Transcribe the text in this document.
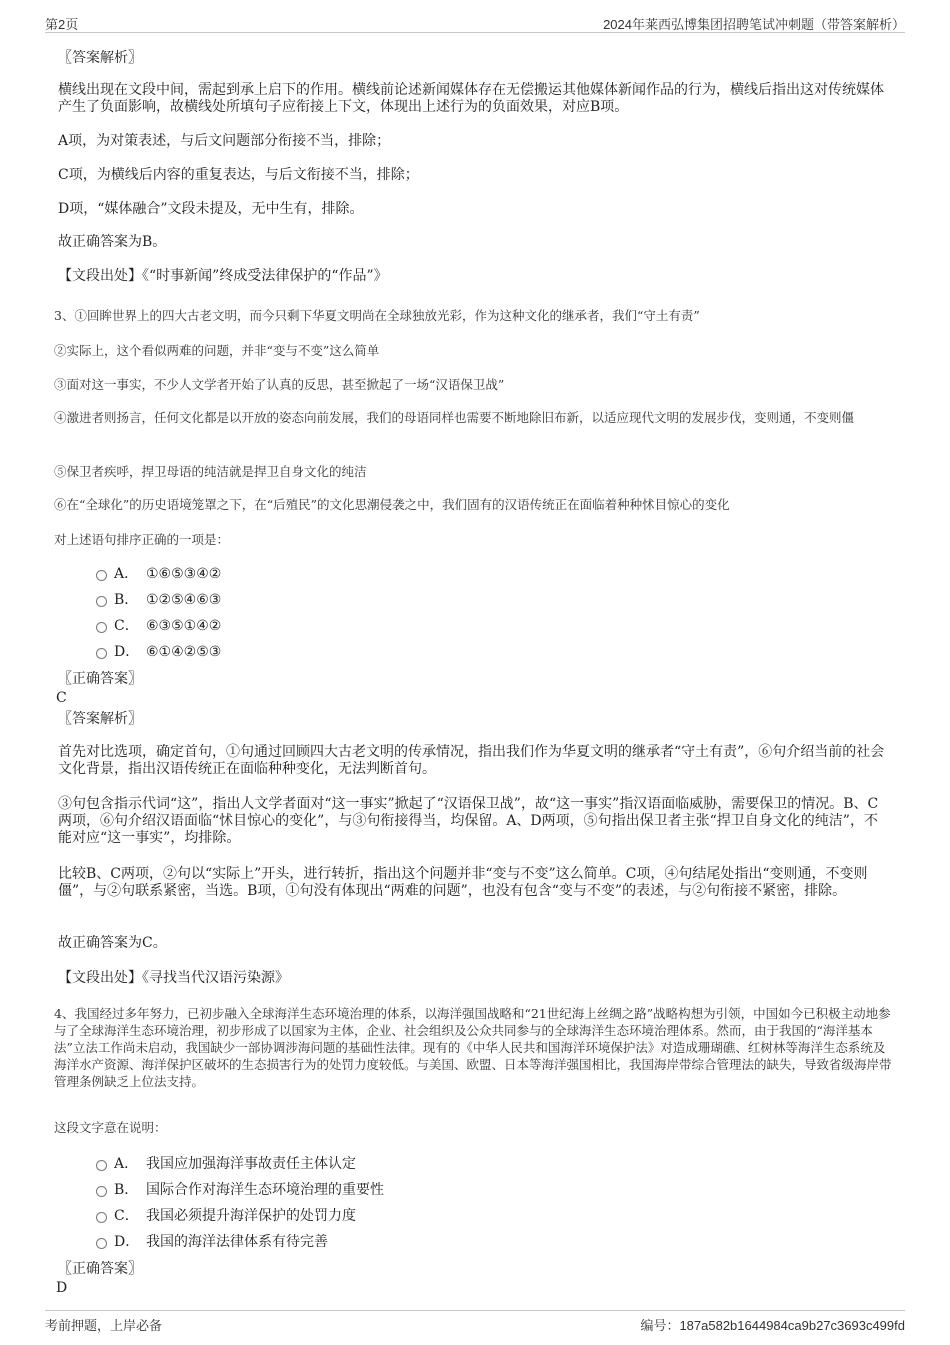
第2页	2024年莱西弘博集团招聘笔试冲刺题（带答案解析）

〖答案解析〗

横线出现在文段中间，需起到承上启下的作用。横线前论述新闻媒体存在无偿搬运其他媒体新闻作品的行为，横线后指出这对传统媒体产生了负面影响，故横线处所填句子应衔接上下文，体现出上述行为的负面效果，对应B项。

A项，为对策表述，与后文问题部分衔接不当，排除；

C项，为横线后内容的重复表达，与后文衔接不当，排除；

D项，“媒体融合”文段未提及，无中生有，排除。

故正确答案为B。

【文段出处】《“时事新闻”终成受法律保护的“作品”》

3、①回眸世界上的四大古老文明，而今只剩下华夏文明尚在全球独放光彩，作为这种文化的继承者，我们“守土有责”

②实际上，这个看似两难的问题，并非“变与不变”这么简单

③面对这一事实，不少人文学者开始了认真的反思，甚至掀起了一场“汉语保卫战”

④激进者则扬言，任何文化都是以开放的姿态向前发展，我们的母语同样也需要不断地除旧布新，以适应现代文明的发展步伐，变则通，不变则僵

⑤保卫者疾呼，捍卫母语的纯洁就是捍卫自身文化的纯洁

⑥在“全球化”的历史语境笼罩之下，在“后殖民”的文化思潮侵袭之中，我们固有的汉语传统正在面临着种种怵目惊心的变化

对上述语句排序正确的一项是：

A． ①⑥⑤③④②
B． ①②⑤④⑥③
C． ⑥③⑤①④②
D． ⑥①④②⑤③

〖正确答案〗

C

〖答案解析〗

首先对比选项，确定首句，①句通过回顾四大古老文明的传承情况，指出我们作为华夏文明的继承者“守土有责”，⑥句介绍当前的社会文化背景，指出汉语传统正在面临种种变化，无法判断首句。

③句包含指示代词“这”，指出人文学者面对“这一事实”掀起了“汉语保卫战”，故“这一事实”指汉语面临威胁，需要保卫的情况。B、C两项，⑥句介绍汉语面临“怵目惊心的变化”，与③句衔接得当，均保留。A、D两项，⑤句指出保卫者主张“捍卫自身文化的纯洁”，不能对应“这一事实”，均排除。

比较B、C两项，②句以“实际上”开头，进行转折，指出这个问题并非“变与不变”这么简单。C项，④句结尾处指出“变则通，不变则僵”，与②句联系紧密，当选。B项，①句没有体现出“两难的问题”，也没有包含“变与不变”的表述，与②句衔接不紧密，排除。

故正确答案为C。

【文段出处】《寻找当代汉语污染源》

4、我国经过多年努力，已初步融入全球海洋生态环境治理的体系，以海洋强国战略和“21世纪海上丝绸之路”战略构想为引领，中国如今已积极主动地参与了全球海洋生态环境治理，初步形成了以国家为主体，企业、社会组织及公众共同参与的全球海洋生态环境治理体系。然而，由于我国的“海洋基本法”立法工作尚未启动，我国缺少一部协调涉海问题的基础性法律。现有的《中华人民共和国海洋环境保护法》对造成珊瑚礁、红树林等海洋生态系统及海洋水产资源、海洋保护区破坏的生态损害行为的处罚力度较低。与美国、欧盟、日本等海洋强国相比，我国海岸带综合管理法的缺失，导致省级海岸带管理条例缺乏上位法支持。

这段文字意在说明：

A． 我国应加强海洋事故责任主体认定
B． 国际合作对海洋生态环境治理的重要性
C． 我国必须提升海洋保护的处罚力度
D． 我国的海洋法律体系有待完善

〖正确答案〗

D

考前押题，上岸必备	编号：187a582b1644984ca9b27c3693c499fd
